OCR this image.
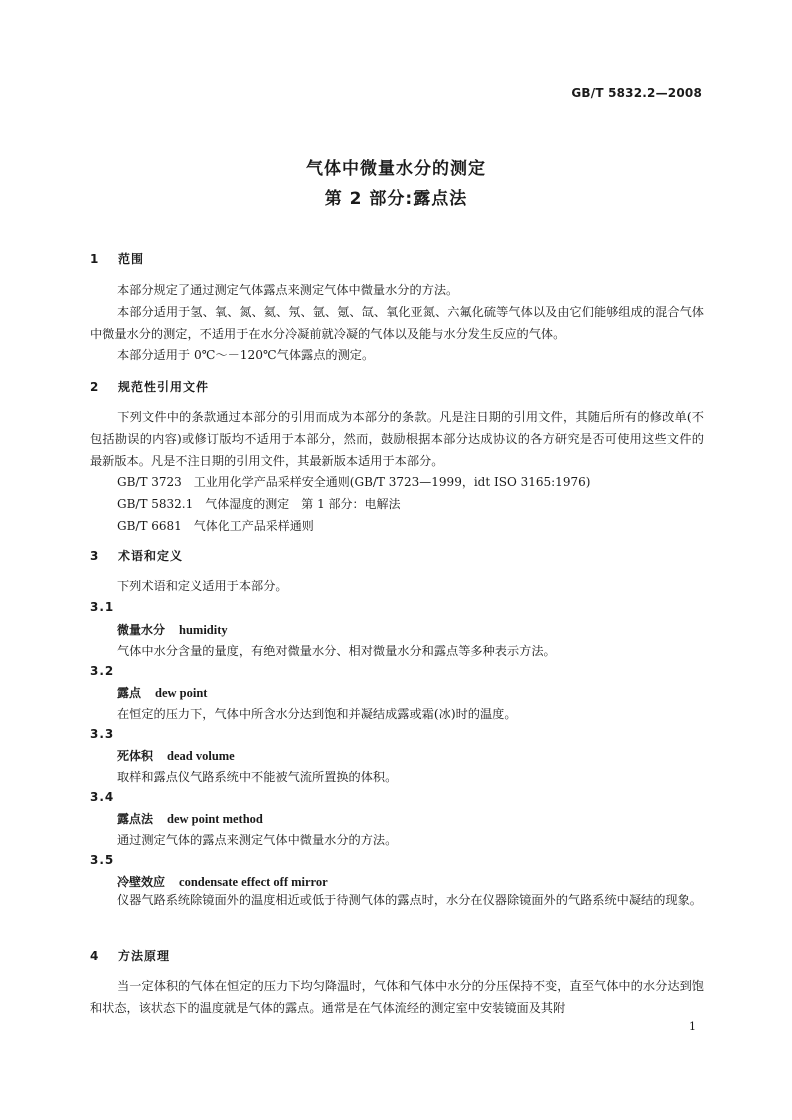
GB/T 5832.2—2008
气体中微量水分的测定
第 2 部分:露点法
1 范围
本部分规定了通过测定气体露点来测定气体中微量水分的方法。
本部分适用于氢、氧、氮、氦、氖、氩、氪、氙、氧化亚氮、六氟化硫等气体以及由它们能够组成的混合气体中微量水分的测定，不适用于在水分冷凝前就冷凝的气体以及能与水分发生反应的气体。
本部分适用于 0℃～－120℃气体露点的测定。
2 规范性引用文件
下列文件中的条款通过本部分的引用而成为本部分的条款。凡是注日期的引用文件，其随后所有的修改单(不包括勘误的内容)或修订版均不适用于本部分，然而，鼓励根据本部分达成协议的各方研究是否可使用这些文件的最新版本。凡是不注日期的引用文件，其最新版本适用于本部分。
GB/T 3723　工业用化学产品采样安全通则(GB/T 3723—1999，idt ISO 3165:1976)
GB/T 5832.1　气体湿度的测定　第 1 部分：电解法
GB/T 6681　气体化工产品采样通则
3 术语和定义
下列术语和定义适用于本部分。
3.1
微量水分 humidity
气体中水分含量的量度，有绝对微量水分、相对微量水分和露点等多种表示方法。
3.2
露点 dew point
在恒定的压力下，气体中所含水分达到饱和并凝结成露或霜(冰)时的温度。
3.3
死体积 dead volume
取样和露点仪气路系统中不能被气流所置换的体积。
3.4
露点法 dew point method
通过测定气体的露点来测定气体中微量水分的方法。
3.5
冷壁效应 condensate effect off mirror
仪器气路系统除镜面外的温度相近或低于待测气体的露点时，水分在仪器除镜面外的气路系统中凝结的现象。
4 方法原理
当一定体积的气体在恒定的压力下均匀降温时，气体和气体中水分的分压保持不变，直至气体中的水分达到饱和状态，该状态下的温度就是气体的露点。通常是在气体流经的测定室中安装镜面及其附
1
